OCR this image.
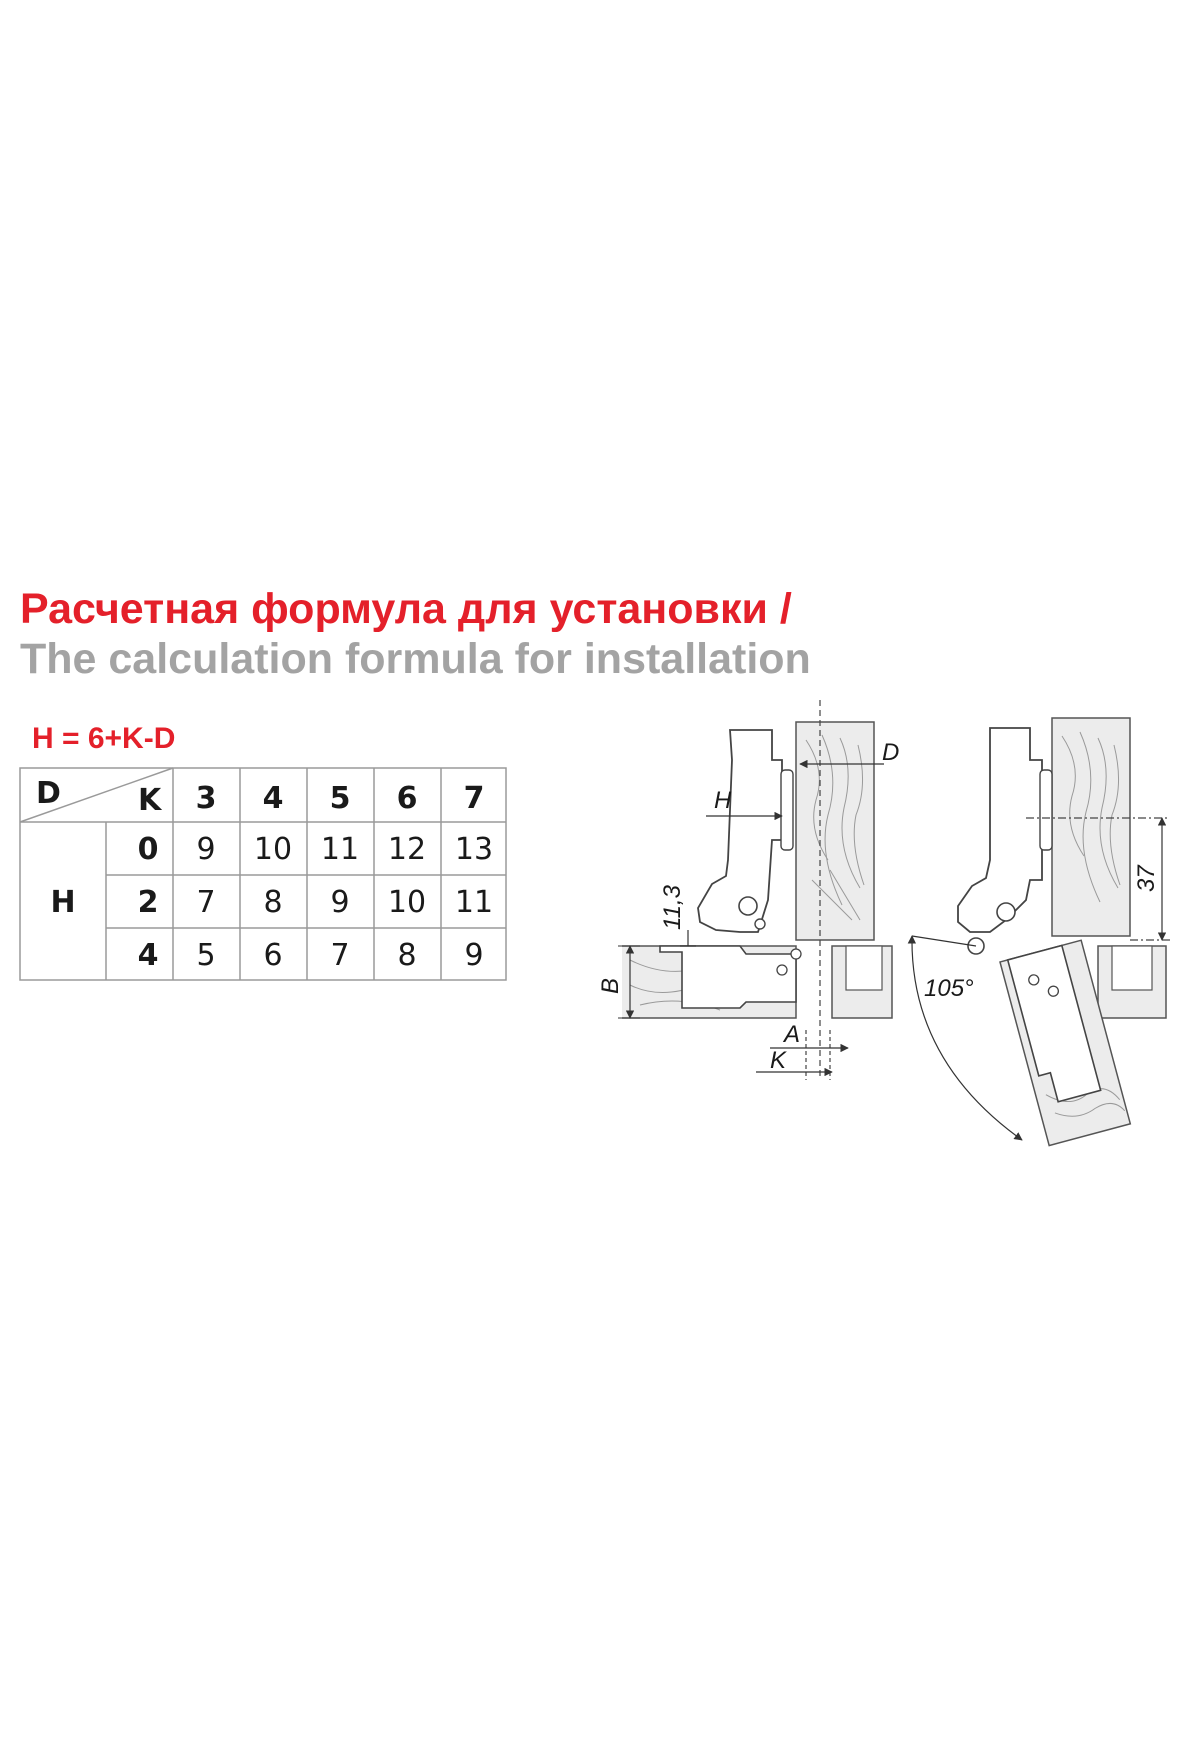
Расчетная формула для установки /
The calculation formula for installation
H = 6+K-D
D	K 3 4 5 6 7
H
0 9 10 11 12 13
2 7 8 9 10 11
4 5 6 7 8 9
D
H
11,3
B
A
K
37
105°
